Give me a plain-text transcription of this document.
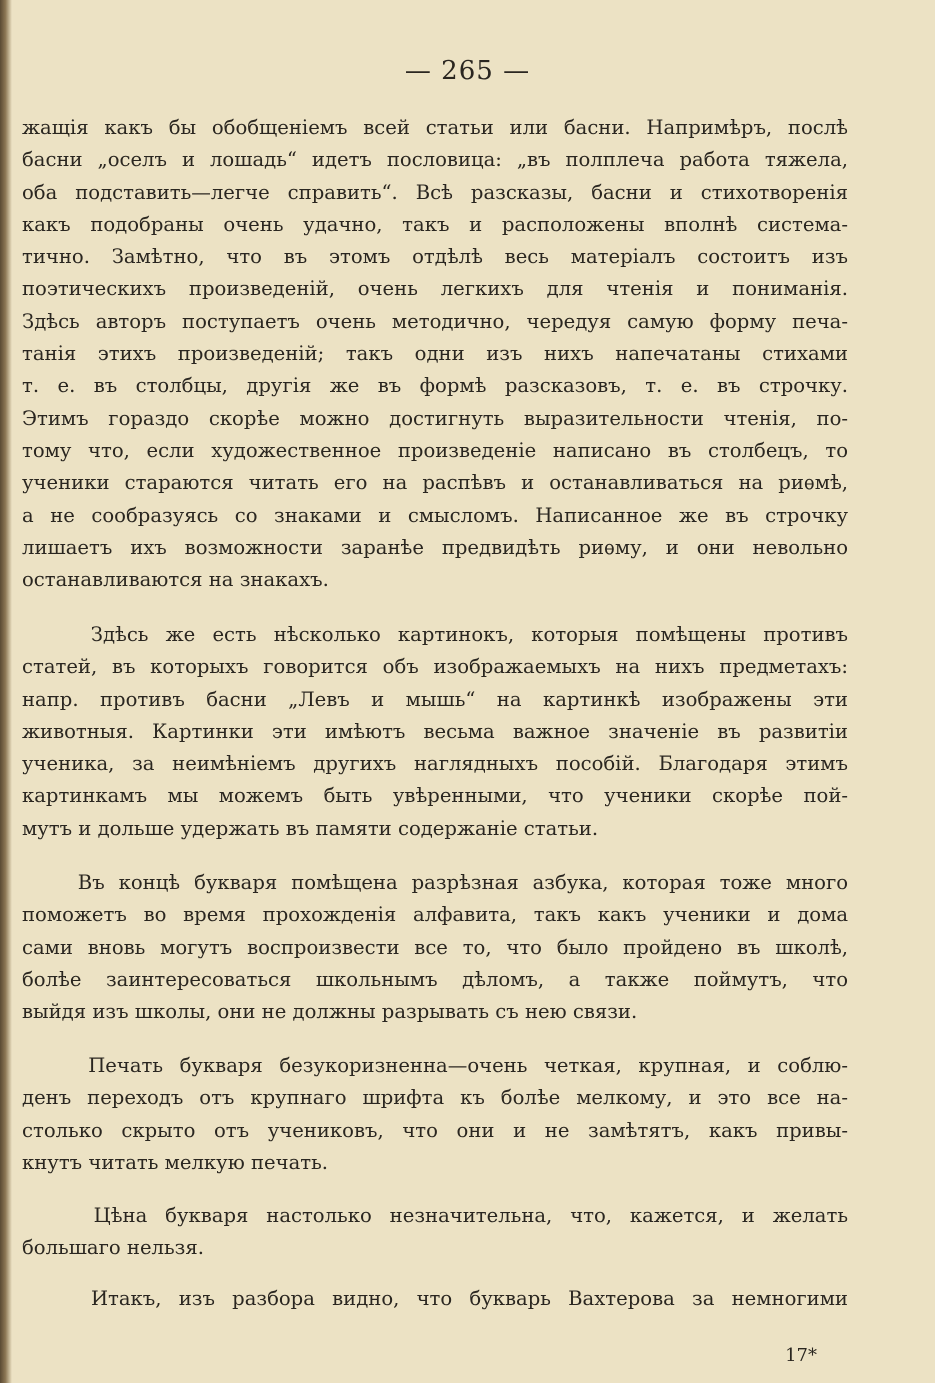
— 265 —
жащія какъ бы обобщеніемъ всей статьи или басни. Напримѣръ, послѣ
басни „оселъ и лошадь“ идетъ пословица: „въ полплеча работа тяжела,
оба подставить—легче справить“. Всѣ разсказы, басни и стихотворенія
какъ подобраны очень удачно, такъ и расположены вполнѣ система-
тично. Замѣтно, что въ этомъ отдѣлѣ весь матеріалъ состоитъ изъ
поэтическихъ произведеній, очень легкихъ для чтенія и пониманія.
Здѣсь авторъ поступаетъ очень методично, чередуя самую форму печа-
танія этихъ произведеній; такъ одни изъ нихъ напечатаны стихами
т. е. въ столбцы, другія же въ формѣ разсказовъ, т. е. въ строчку.
Этимъ гораздо скорѣе можно достигнуть выразительности чтенія, по-
тому что, если художественное произведеніе написано въ столбецъ, то
ученики стараются читать его на распѣвъ и останавливаться на риѳмѣ,
а не сообразуясь со знаками и смысломъ. Написанное же въ строчку
лишаетъ ихъ возможности заранѣе предвидѣть риѳму, и они невольно
останавливаются на знакахъ.
Здѣсь же есть нѣсколько картинокъ, которыя помѣщены противъ
статей, въ которыхъ говорится объ изображаемыхъ на нихъ предметахъ:
напр. противъ басни „Левъ и мышь“ на картинкѣ изображены эти
животныя. Картинки эти имѣютъ весьма важное значеніе въ развитіи
ученика, за неимѣніемъ другихъ наглядныхъ пособій. Благодаря этимъ
картинкамъ мы можемъ быть увѣренными, что ученики скорѣе пой-
мутъ и дольше удержать въ памяти содержаніе статьи.
Въ концѣ букваря помѣщена разрѣзная азбука, которая тоже много
поможетъ во время прохожденія алфавита, такъ какъ ученики и дома
сами вновь могутъ воспроизвести все то, что было пройдено въ школѣ,
болѣе заинтересоваться школьнымъ дѣломъ, а также поймутъ, что
выйдя изъ школы, они не должны разрывать съ нею связи.
Печать букваря безукоризненна—очень четкая, крупная, и соблю-
денъ переходъ отъ крупнаго шрифта къ болѣе мелкому, и это все на-
столько скрыто отъ учениковъ, что они и не замѣтятъ, какъ привы-
кнутъ читать мелкую печать.
Цѣна букваря настолько незначительна, что, кажется, и желать
большаго нельзя.
Итакъ, изъ разбора видно, что букварь Вахтерова за немногими
17*
